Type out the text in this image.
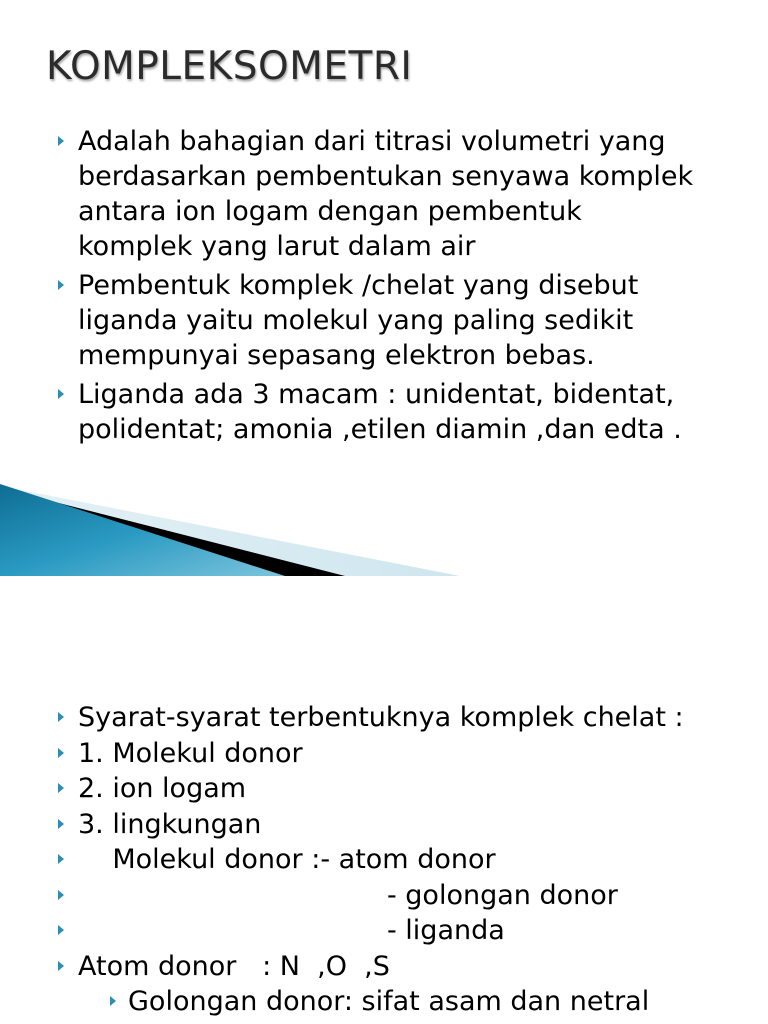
KOMPLEKSOMETRI
Adalah bahagian dari titrasi volumetri yang
berdasarkan pembentukan senyawa komplek
antara ion logam dengan pembentuk
komplek yang larut dalam air
Pembentuk komplek /chelat yang disebut
liganda yaitu molekul yang paling sedikit
mempunyai sepasang elektron bebas.
Liganda ada 3 macam : unidentat, bidentat,
polidentat; amonia ,etilen diamin ,dan edta .
Syarat-syarat terbentuknya komplek chelat :
1. Molekul donor
2. ion logam
3. lingkungan
Molekul donor :- atom donor
- golongan donor
- liganda
Atom donor   : N  ,O  ,S
Golongan donor: sifat asam dan netral
